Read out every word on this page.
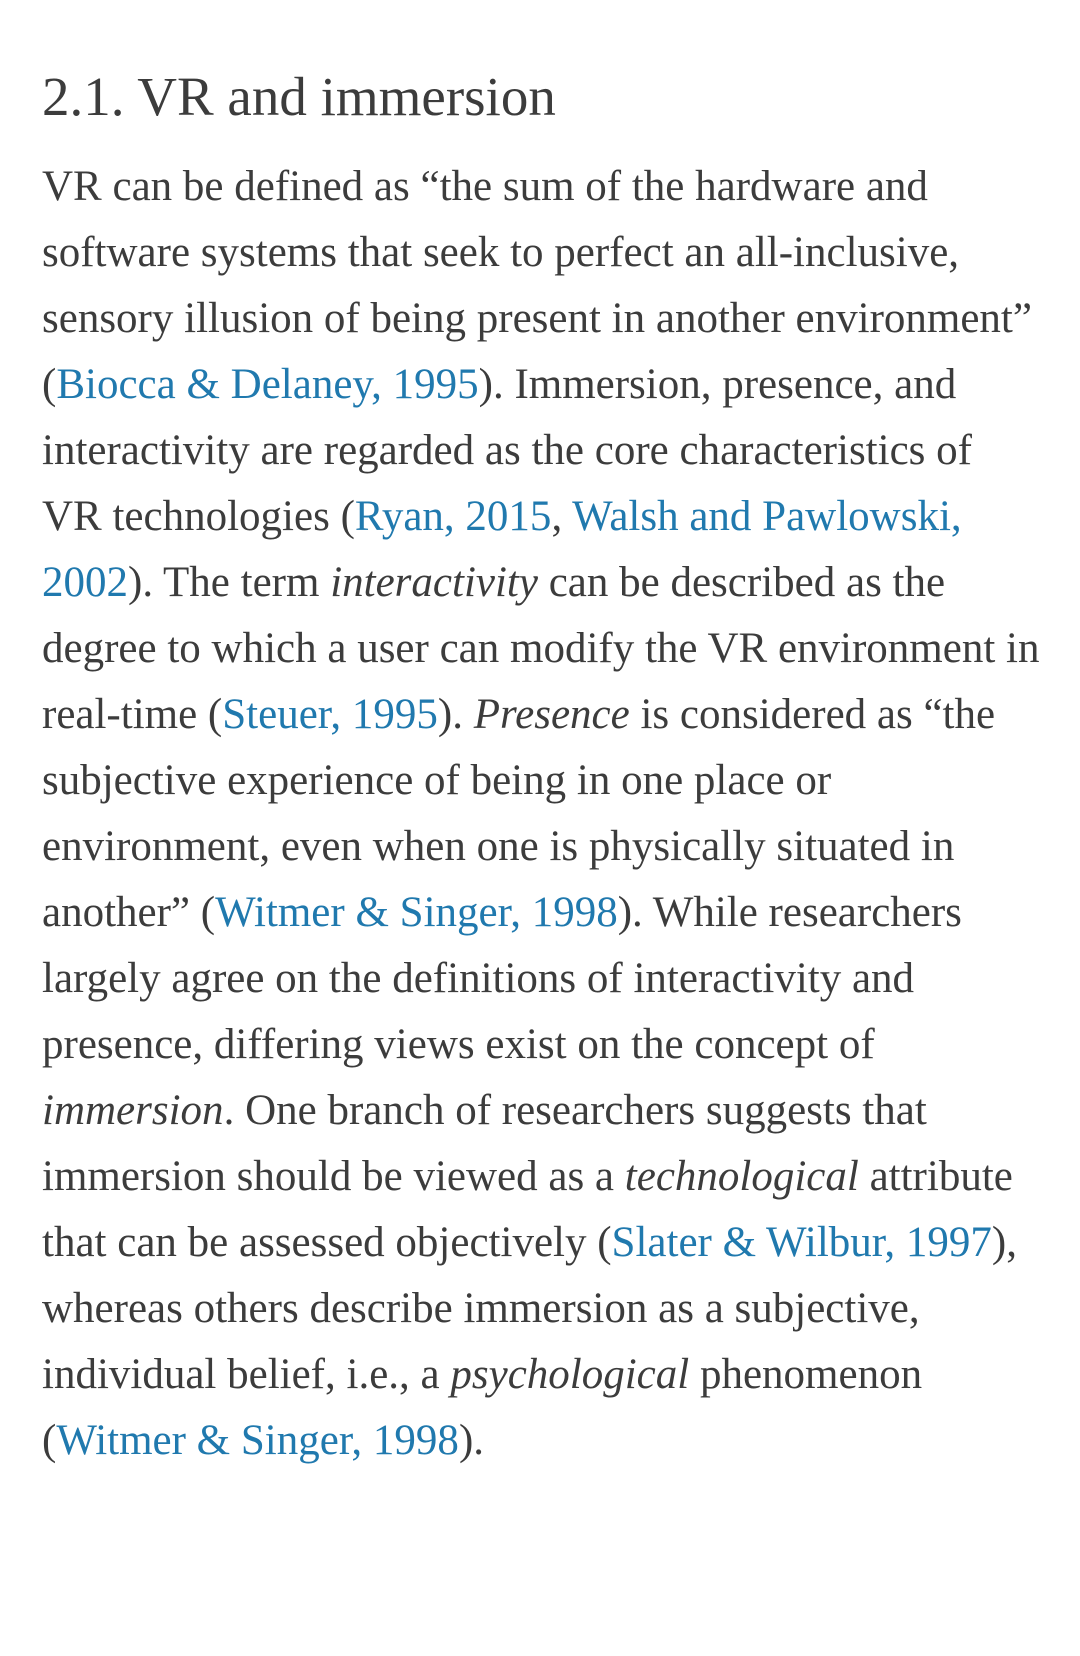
2.1. VR and immersion

VR can be defined as “the sum of the hardware and software systems that seek to perfect an all-inclusive, sensory illusion of being present in another environment” (Biocca & Delaney, 1995). Immersion, presence, and interactivity are regarded as the core characteristics of VR technologies (Ryan, 2015, Walsh and Pawlowski, 2002). The term interactivity can be described as the degree to which a user can modify the VR environment in real-time (Steuer, 1995). Presence is considered as “the subjective experience of being in one place or environment, even when one is physically situated in another” (Witmer & Singer, 1998). While researchers largely agree on the definitions of interactivity and presence, differing views exist on the concept of immersion. One branch of researchers suggests that immersion should be viewed as a technological attribute that can be assessed objectively (Slater & Wilbur, 1997), whereas others describe immersion as a subjective, individual belief, i.e., a psychological phenomenon (Witmer & Singer, 1998).
